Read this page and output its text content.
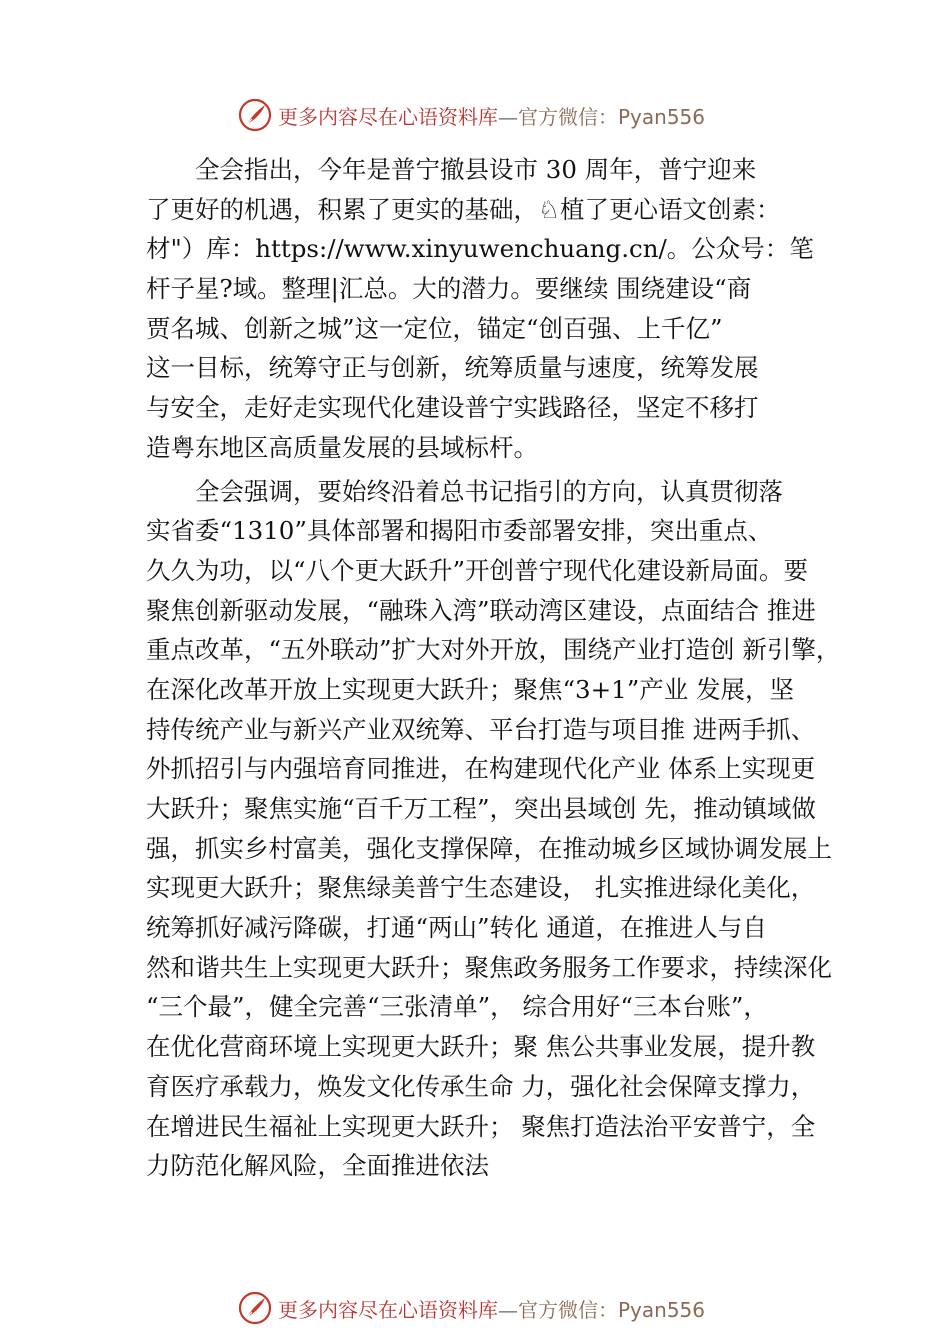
更多内容尽在心语资料库—官方微信：Pyan556
　　全会指出，今年是普宁撤县设市 30 周年，普宁迎来
了更好的机遇，积累了更实的基础，♘植了更心语文创素：
材"）库：https://www.xinyuwenchuang.cn/。公众号：笔
杆子星?域。整理|汇总。大的潜力。要继续 围绕建设“商
贾名城、创新之城”这一定位，锚定“创百强、上千亿”
这一目标，统筹守正与创新，统筹质量与速度，统筹发展
与安全，走好走实现代化建设普宁实践路径，坚定不移打
造粤东地区高质量发展的县域标杆。
　　全会强调，要始终沿着总书记指引的方向，认真贯彻落
实省委“1310”具体部署和揭阳市委部署安排，突出重点、
久久为功，以“八个更大跃升”开创普宁现代化建设新局面。要
聚焦创新驱动发展，“融珠入湾”联动湾区建设，点面结合 推进
重点改革，“五外联动”扩大对外开放，围绕产业打造创 新引擎，
在深化改革开放上实现更大跃升；聚焦“3+1”产业 发展，坚
持传统产业与新兴产业双统筹、平台打造与项目推 进两手抓、
外抓招引与内强培育同推进，在构建现代化产业 体系上实现更
大跃升；聚焦实施“百千万工程”，突出县域创 先，推动镇域做
强，抓实乡村富美，强化支撑保障，在推动城乡区域协调发展上
实现更大跃升；聚焦绿美普宁生态建设， 扎实推进绿化美化，
统筹抓好减污降碳，打通“两山”转化 通道，在推进人与自
然和谐共生上实现更大跃升；聚焦政务服务工作要求，持续深化
“三个最”，健全完善“三张清单”， 综合用好“三本台账”，
在优化营商环境上实现更大跃升；聚 焦公共事业发展，提升教
育医疗承载力，焕发文化传承生命 力，强化社会保障支撑力，
在增进民生福祉上实现更大跃升； 聚焦打造法治平安普宁，全
力防范化解风险，全面推进依法
更多内容尽在心语资料库—官方微信：Pyan556
